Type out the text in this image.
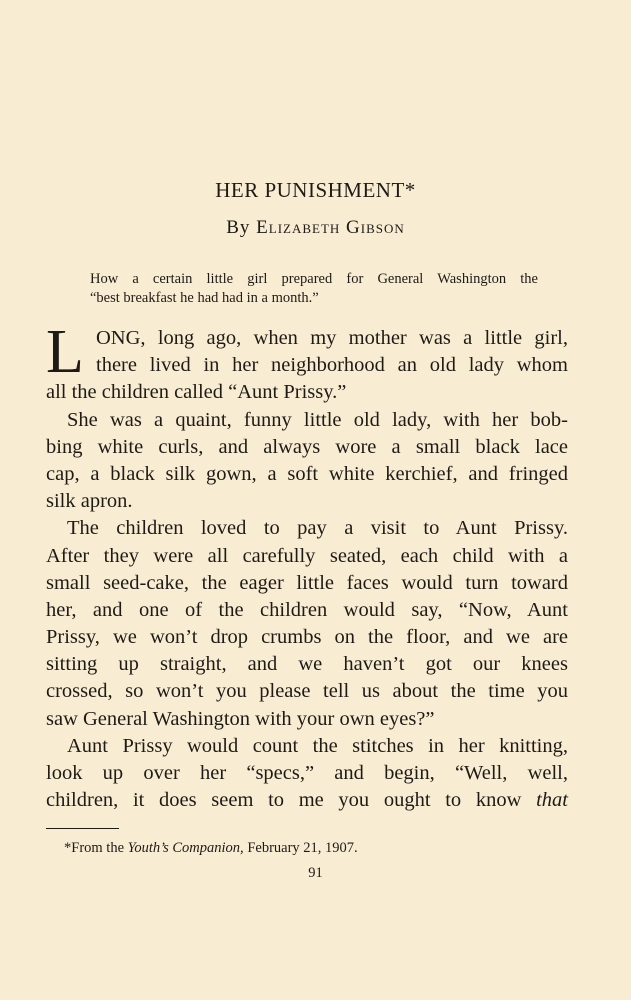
HER PUNISHMENT*

By Elizabeth Gibson

How a certain little girl prepared for General Washington the
“best breakfast he had had in a month.”

L ONG, long ago, when my mother was a little girl,
there lived in her neighborhood an old lady whom
all the children called “Aunt Prissy.”
She was a quaint, funny little old lady, with her bob-
bing white curls, and always wore a small black lace
cap, a black silk gown, a soft white kerchief, and fringed
silk apron.
The children loved to pay a visit to Aunt Prissy.
After they were all carefully seated, each child with a
small seed-cake, the eager little faces would turn toward
her, and one of the children would say, “Now, Aunt
Prissy, we won’t drop crumbs on the floor, and we are
sitting up straight, and we haven’t got our knees
crossed, so won’t you please tell us about the time you
saw General Washington with your own eyes?”
Aunt Prissy would count the stitches in her knitting,
look up over her “specs,” and begin, “Well, well,
children, it does seem to me you ought to know that

*From the Youth’s Companion, February 21, 1907.

91
